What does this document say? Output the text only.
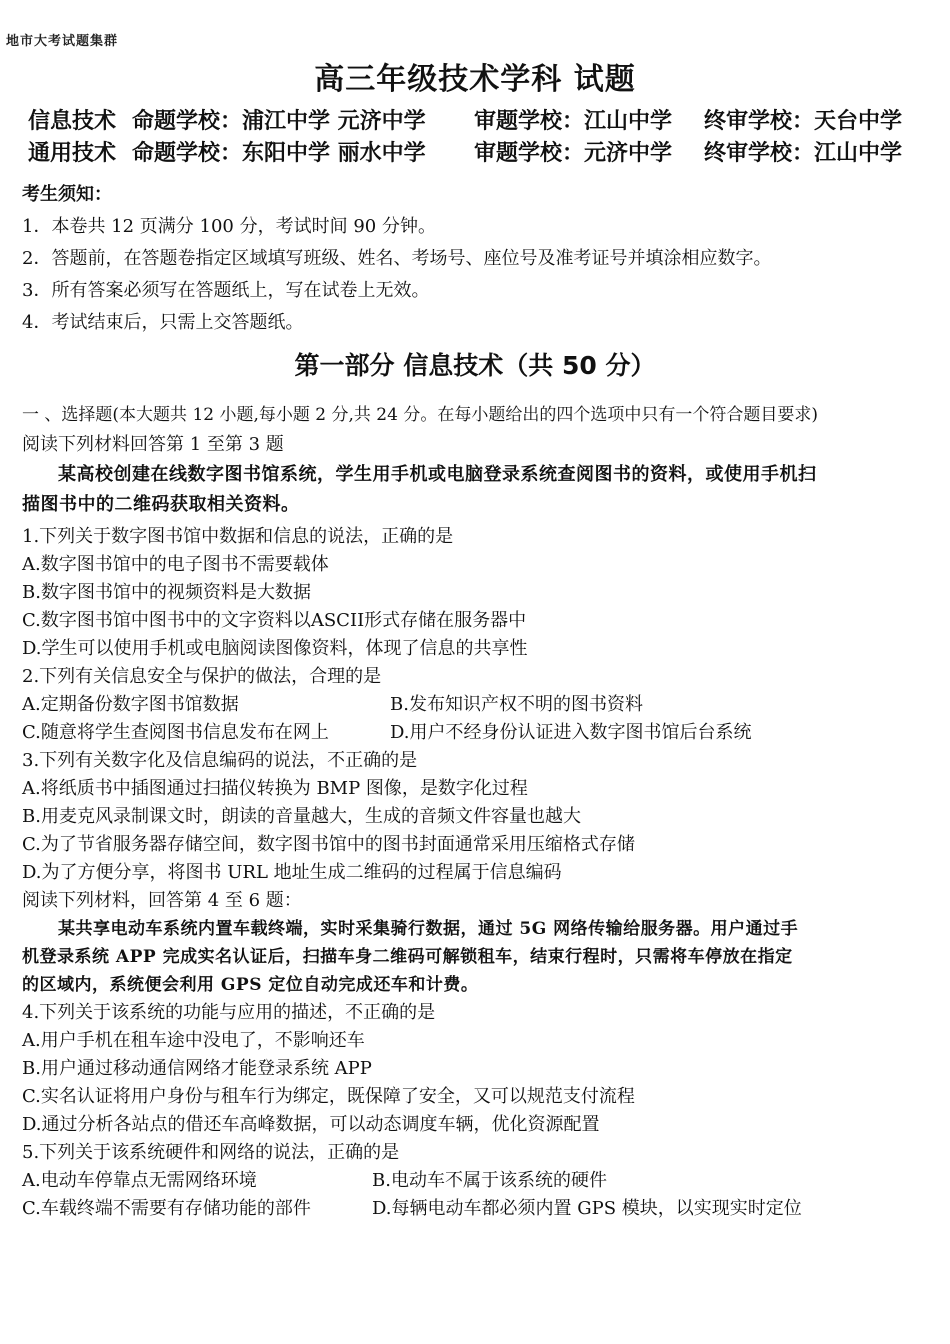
地市大考试题集群
高三年级技术学科 试题
信息技术 命题学校：浦江中学 元济中学 审题学校：江山中学 终审学校：天台中学
通用技术 命题学校：东阳中学 丽水中学 审题学校：元济中学 终审学校：江山中学
考生须知：
1．本卷共 12 页满分 100 分，考试时间 90 分钟。
2．答题前，在答题卷指定区域填写班级、姓名、考场号、座位号及准考证号并填涂相应数字。
3．所有答案必须写在答题纸上，写在试卷上无效。
4．考试结束后，只需上交答题纸。
第一部分 信息技术（共 50 分）
一 、选择题(本大题共 12 小题,每小题 2 分,共 24 分。在每小题给出的四个选项中只有一个符合题目要求)
阅读下列材料回答第 1 至第 3 题
某高校创建在线数字图书馆系统，学生用手机或电脑登录系统查阅图书的资料，或使用手机扫
描图书中的二维码获取相关资料。
1.下列关于数字图书馆中数据和信息的说法，正确的是
A.数字图书馆中的电子图书不需要载体
B.数字图书馆中的视频资料是大数据
C.数字图书馆中图书中的文字资料以ASCII形式存储在服务器中
D.学生可以使用手机或电脑阅读图像资料，体现了信息的共享性
2.下列有关信息安全与保护的做法，合理的是
A.定期备份数字图书馆数据	B.发布知识产权不明的图书资料
C.随意将学生查阅图书信息发布在网上	D.用户不经身份认证进入数字图书馆后台系统
3.下列有关数字化及信息编码的说法，不正确的是
A.将纸质书中插图通过扫描仪转换为 BMP 图像，是数字化过程
B.用麦克风录制课文时，朗读的音量越大，生成的音频文件容量也越大
C.为了节省服务器存储空间，数字图书馆中的图书封面通常采用压缩格式存储
D.为了方便分享，将图书 URL 地址生成二维码的过程属于信息编码
阅读下列材料，回答第 4 至 6 题：
某共享电动车系统内置车载终端，实时采集骑行数据，通过 5G 网络传输给服务器。用户通过手
机登录系统 APP 完成实名认证后，扫描车身二维码可解锁租车，结束行程时，只需将车停放在指定
的区域内，系统便会利用 GPS 定位自动完成还车和计费。
4.下列关于该系统的功能与应用的描述，不正确的是
A.用户手机在租车途中没电了，不影响还车
B.用户通过移动通信网络才能登录系统 APP
C.实名认证将用户身份与租车行为绑定，既保障了安全，又可以规范支付流程
D.通过分析各站点的借还车高峰数据，可以动态调度车辆，优化资源配置
5.下列关于该系统硬件和网络的说法，正确的是
A.电动车停靠点无需网络环境	B.电动车不属于该系统的硬件
C.车载终端不需要有存储功能的部件	D.每辆电动车都必须内置 GPS 模块，以实现实时定位
